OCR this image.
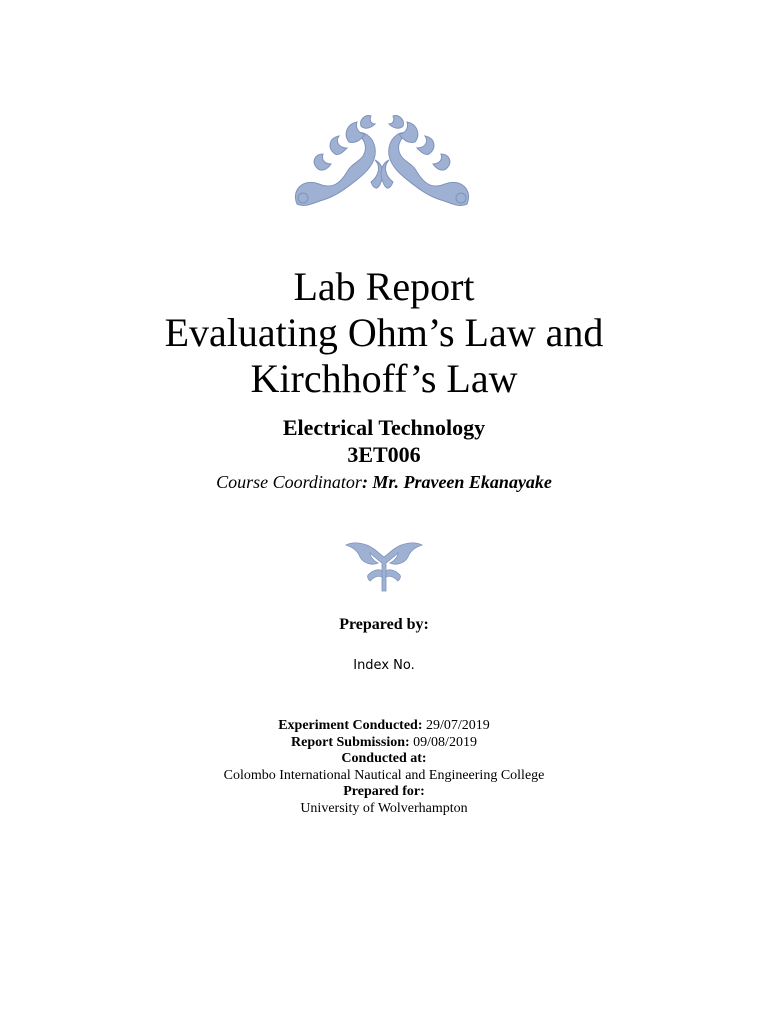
Lab Report
Evaluating Ohm’s Law and
Kirchhoff’s Law

Electrical Technology

3ET006

Course Coordinator: Mr. Praveen Ekanayake

Prepared by:
Index No.

Experiment Conducted: 29/07/2019

Report Submission: 09/08/2019

Conducted at:

Colombo International Nautical and Engineering College

Prepared for:

University of Wolverhampton
